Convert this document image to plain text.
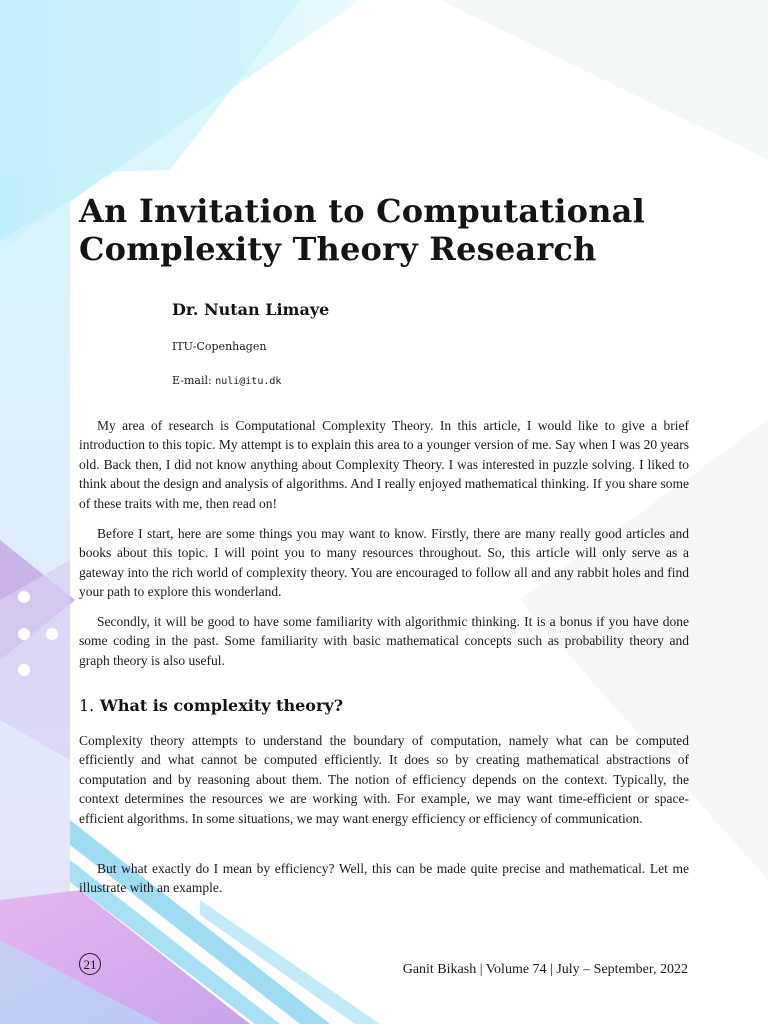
An Invitation to Computational
Complexity Theory Research
Dr. Nutan Limaye
ITU-Copenhagen
E-mail: nuli@itu.dk

My area of research is Computational Complexity Theory. In this article, I would like to give a brief introduction to this topic. My attempt is to explain this area to a younger version of me. Say when I was 20 years old. Back then, I did not know anything about Complexity Theory. I was interested in puzzle solving. I liked to think about the design and analysis of algorithms. And I really enjoyed mathematical thinking. If you share some of these traits with me, then read on!

Before I start, here are some things you may want to know. Firstly, there are many really good articles and books about this topic. I will point you to many resources throughout. So, this article will only serve as a gateway into the rich world of complexity theory. You are encouraged to follow all and any rabbit holes and find your path to explore this wonderland.

Secondly, it will be good to have some familiarity with algorithmic thinking. It is a bonus if you have done some coding in the past. Some familiarity with basic mathematical concepts such as probability theory and graph theory is also useful.

1. What is complexity theory?

Complexity theory attempts to understand the boundary of computation, namely what can be computed efficiently and what cannot be computed efficiently. It does so by creating mathematical abstractions of computation and by reasoning about them. The notion of efficiency depends on the context. Typically, the context determines the resources we are working with. For example, we may want time-efficient or space-efficient algorithms. In some situations, we may want energy efficiency or efficiency of communication.

But what exactly do I mean by efficiency? Well, this can be made quite precise and mathematical. Let me illustrate with an example.

21	Ganit Bikash | Volume 74 | July – September, 2022
